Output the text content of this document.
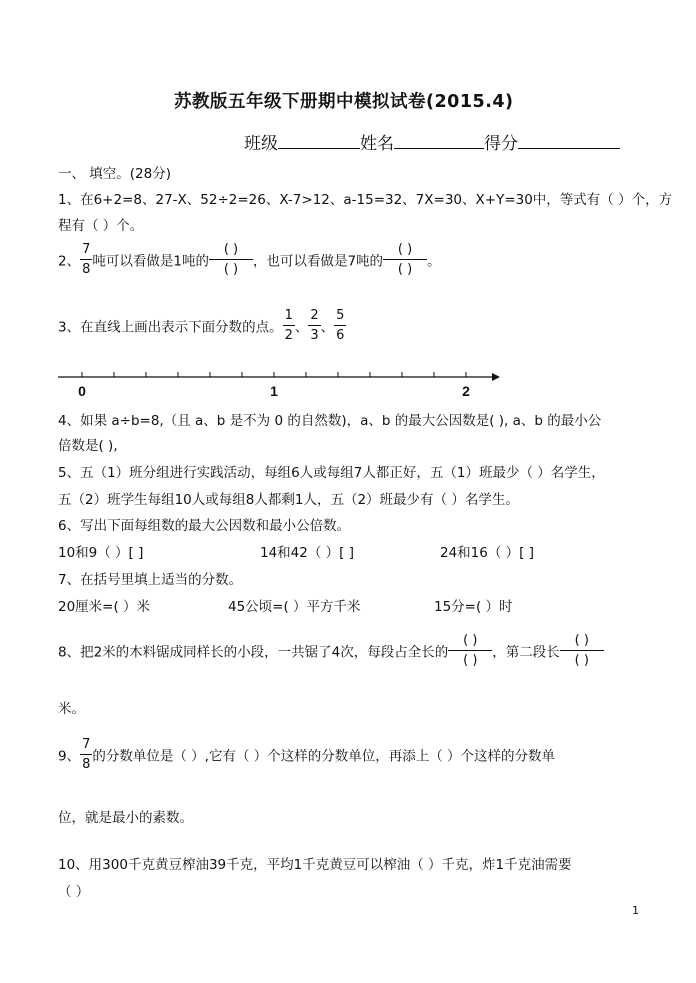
苏教版五年级下册期中模拟试卷(2015.4)
班级	姓名	得分
一、 填空。(28分)
1、在6+2=8、27-X、52÷2=26、X-7>12、a-15=32、7X=30、X+Y=30中，等式有（ ）个，方
程有（ ）个。
2、 $\frac{7}{8}$ 吨可以看做是1吨的 $\frac{( )}{( )}$ ，也可以看做是7吨的 $\frac{( )}{( )}$ 。
3、在直线上画出表示下面分数的点。 $\frac{1}{2}$ 、 $\frac{2}{3}$ 、 $\frac{5}{6}$
0	1	2
4、如果 a÷b=8,（且 a、b 是不为 0 的自然数)，a、b 的最大公因数是( ), a、b 的最小公
倍数是( ),
5、五（1）班分组进行实践活动，每组6人或每组7人都正好，五（1）班最少（ ）名学生，
五（2）班学生每组10人或每组8人都剩1人，五（2）班最少有（ ）名学生。
6、写出下面每组数的最大公因数和最小公倍数。
10和9（ ）[ ]	14和42（ ）[ ]	24和16（ ）[ ]
7、在括号里填上适当的分数。
20厘米=( ）米	45公顷=( ）平方千米	15分=( ）时
8、把2米的木料锯成同样长的小段，一共锯了4次，每段占全长的 $\frac{( )}{( )}$ ，第二段长 $\frac{( )}{( )}$
米。
9、 $\frac{7}{8}$ 的分数单位是（ ）,它有（ ）个这样的分数单位，再添上（ ）个这样的分数单
位，就是最小的素数。
10、用300千克黄豆榨油39千克，平均1千克黄豆可以榨油（ ）千克，炸1千克油需要
（ ）
1
